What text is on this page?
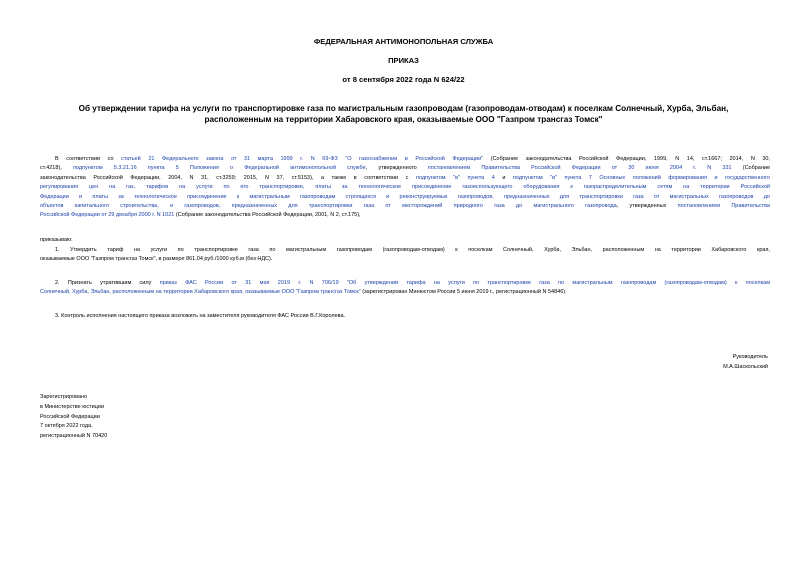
ФЕДЕРАЛЬНАЯ АНТИМОНОПОЛЬНАЯ СЛУЖБА
ПРИКАЗ
от 8 сентября 2022 года N 624/22
Об утверждении тарифа на услуги по транспортировке газа по магистральным газопроводам (газопроводам-отводам) к поселкам Солнечный, Хурба, Эльбан,
расположенным на территории Хабаровского края, оказываемые ООО "Газпром трансгаз Томск"
В соответствии со статьей 21 Федерального закона от 31 марта 1999 г. N 69-ФЗ "О газоснабжении в Российской Федерации" (Собрание законодательства Российской Федерации, 1999, N 14, ст.1667; 2014, N 30,
ст.4218), подпунктом 5.3.21.16 пункта 5 Положения о Федеральной антимонопольной службе, утвержденного постановлением Правительства Российской Федерации от 30 июня 2004 г. N 331 (Собрание
законодательства Российской Федерации, 2004, N 31, ст.3259; 2015, N 37, ст.5153), а также в соответствии с подпунктом "в" пункта 4 и подпунктом "в" пункта 7 Основных положений формирования и государственного
регулирования цен на газ, тарифов на услуги по его транспортировке, платы за технологическое присоединение газоиспользующего оборудования к газораспределительным сетям на территории Российской
Федерации и платы за технологическое присоединение к магистральным газопроводам строящихся и реконструируемых газопроводов, предназначенных для транспортировки газа от магистральных газопроводов до
объектов капитального строительства, и газопроводов, предназначенных для транспортировки газа от месторождений природного газа до магистрального газопровода, утвержденных постановлением Правительства
Российской Федерации от 29 декабря 2000 г. N 1021 (Собрание законодательства Российской Федерации, 2001, N 2, ст.175),
приказываю:
1. Утвердить тариф на услуги по транспортировке газа по магистральным газопроводам (газопроводам-отводам) к поселкам Солнечный, Хурба, Эльбан, расположенным на территории Хабаровского края,
оказываемые ООО "Газпром трансгаз Томск", в размере 861,04 руб./1000 куб.м (без НДС).
2. Признать утратившим силу приказ ФАС России от 31 мая 2019 г. N 706/19 "Об утверждении тарифа на услуги по транспортировке газа по магистральным газопроводам (газопроводам-отводам) к поселкам
Солнечный, Хурба, Эльбан, расположенным на территории Хабаровского края, оказываемые ООО "Газпром трансгаз Томск" (зарегистрирован Минюстом России 5 июня 2019 г., регистрационный N 54846).
3. Контроль исполнения настоящего приказа возложить на заместителя руководителя ФАС России В.Г.Королева.
Руководитель
М.А.Шаскольский
Зарегистрировано
в Министерстве юстиции
Российской Федерации
7 октября 2022 года,
регистрационный N 70420
